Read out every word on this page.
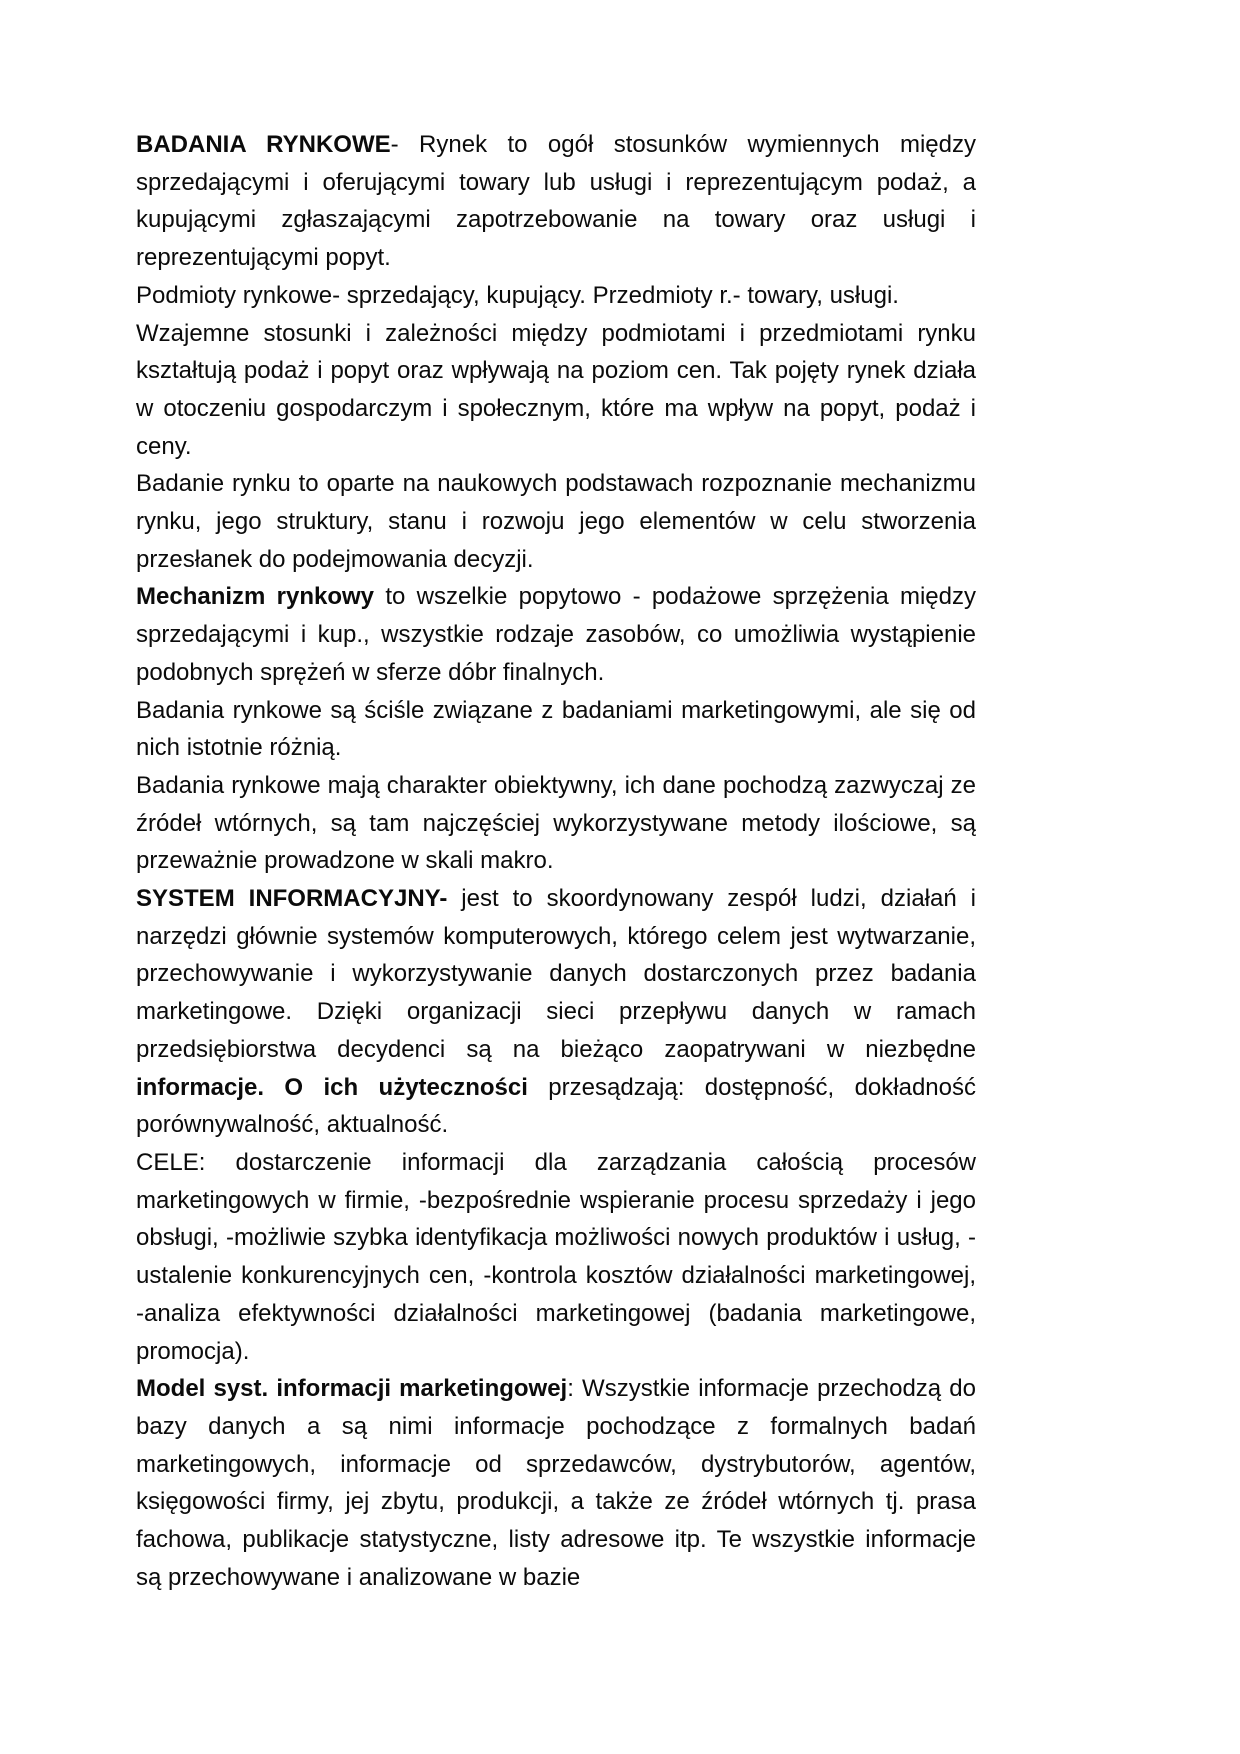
BADANIA RYNKOWE- Rynek to ogół stosunków wymiennych między sprzedającymi i oferującymi towary lub usługi i reprezentującym podaż, a kupującymi zgłaszającymi zapotrzebowanie na towary oraz usługi i reprezentującymi popyt.

Podmioty rynkowe- sprzedający, kupujący. Przedmioty r.- towary, usługi.

Wzajemne stosunki i zależności między podmiotami i przedmiotami rynku kształtują podaż i popyt oraz wpływają na poziom cen. Tak pojęty rynek działa w otoczeniu gospodarczym i społecznym, które ma wpływ na popyt, podaż i ceny.

Badanie rynku to oparte na naukowych podstawach rozpoznanie mechanizmu rynku, jego struktury, stanu i rozwoju jego elementów w celu stworzenia przesłanek do podejmowania decyzji.

Mechanizm rynkowy to wszelkie popytowo - podażowe sprzężenia między sprzedającymi i kup., wszystkie rodzaje zasobów, co umożliwia wystąpienie podobnych sprężeń w sferze dóbr finalnych.

Badania rynkowe są ściśle związane z badaniami marketingowymi, ale się od nich istotnie różnią.

Badania rynkowe mają charakter obiektywny, ich dane pochodzą zazwyczaj ze źródeł wtórnych, są tam najczęściej wykorzystywane metody ilościowe, są przeważnie prowadzone w skali makro.

SYSTEM INFORMACYJNY- jest to skoordynowany zespół ludzi, działań i narzędzi głównie systemów komputerowych, którego celem jest wytwarzanie, przechowywanie i wykorzystywanie danych dostarczonych przez badania marketingowe. Dzięki organizacji sieci przepływu danych w ramach przedsiębiorstwa decydenci są na bieżąco zaopatrywani w niezbędne informacje. O ich użyteczności przesądzają: dostępność, dokładność porównywalność, aktualność.

CELE: dostarczenie informacji dla zarządzania całością procesów marketingowych w firmie, -bezpośrednie wspieranie procesu sprzedaży i jego obsługi, -możliwie szybka identyfikacja możliwości nowych produktów i usług, -ustalenie konkurencyjnych cen, -kontrola kosztów działalności marketingowej, -analiza efektywności działalności marketingowej (badania marketingowe, promocja).

Model syst. informacji marketingowej: Wszystkie informacje przechodzą do bazy danych a są nimi informacje pochodzące z formalnych badań marketingowych, informacje od sprzedawców, dystrybutorów, agentów, księgowości firmy, jej zbytu, produkcji, a także ze źródeł wtórnych tj. prasa fachowa, publikacje statystyczne, listy adresowe itp. Te wszystkie informacje są przechowywane i analizowane w bazie
